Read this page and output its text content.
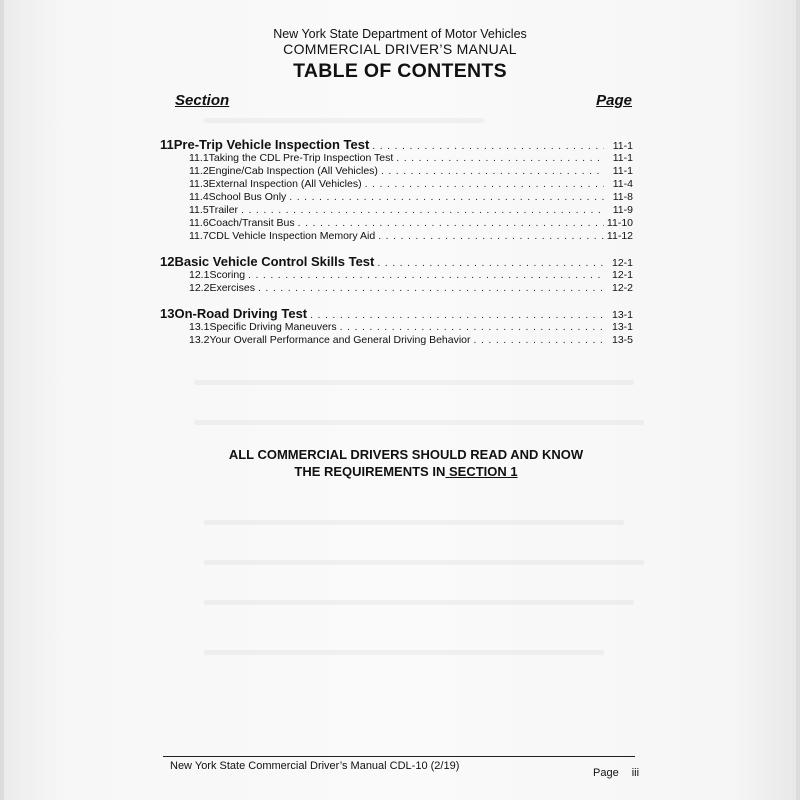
New York State Department of Motor Vehicles
COMMERCIAL DRIVER’S MANUAL
TABLE OF CONTENTS
Section	Page
11 Pre-Trip Vehicle Inspection Test . . .	11-1
11.1 Taking the CDL Pre-Trip Inspection Test . . .	11-1
11.2 Engine/Cab Inspection (All Vehicles) . . .	11-1
11.3 External Inspection (All Vehicles) . . .	11-4
11.4 School Bus Only . . .	11-8
11.5 Trailer . . .	11-9
11.6 Coach/Transit Bus . . .	11-10
11.7 CDL Vehicle Inspection Memory Aid . . .	11-12
12 Basic Vehicle Control Skills Test . . .	12-1
12.1 Scoring . . .	12-1
12.2 Exercises . . .	12-2
13 On-Road Driving Test . . .	13-1
13.1 Specific Driving Maneuvers . . .	13-1
13.2 Your Overall Performance and General Driving Behavior . . .	13-5
ALL COMMERCIAL DRIVERS SHOULD READ AND KNOW
THE REQUIREMENTS IN SECTION 1
New York State Commercial Driver’s Manual CDL-10 (2/19)
Page iii
